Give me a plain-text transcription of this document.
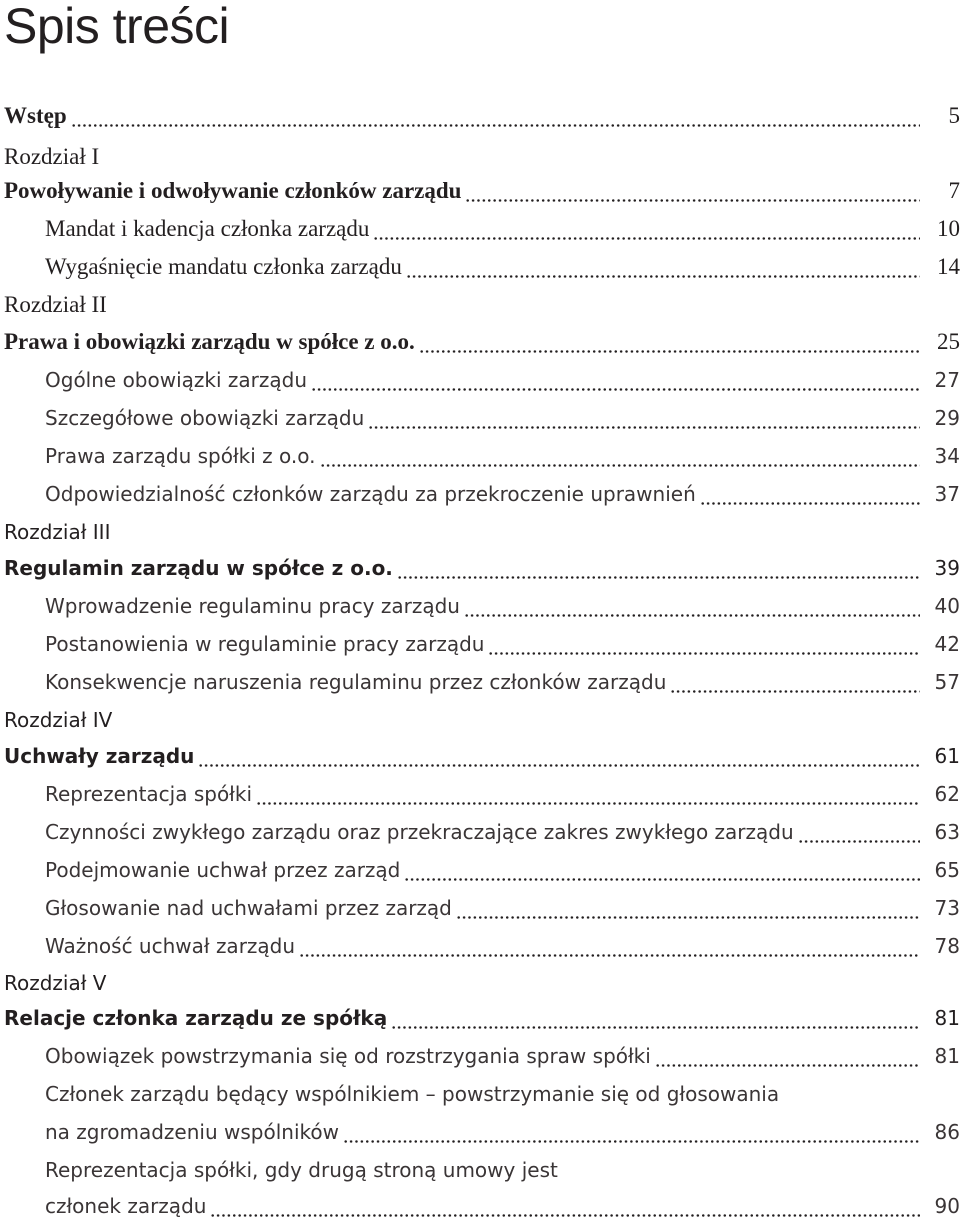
Spis treści
Wstęp	5
Rozdział I
Powoływanie i odwoływanie członków zarządu	7
Mandat i kadencja członka zarządu	10
Wygaśnięcie mandatu członka zarządu	14
Rozdział II
Prawa i obowiązki zarządu w spółce z o.o.	25
Ogólne obowiązki zarządu	27
Szczegółowe obowiązki zarządu	29
Prawa zarządu spółki z o.o.	34
Odpowiedzialność członków zarządu za przekroczenie uprawnień	37
Rozdział III
Regulamin zarządu w spółce z o.o.	39
Wprowadzenie regulaminu pracy zarządu	40
Postanowienia w regulaminie pracy zarządu	42
Konsekwencje naruszenia regulaminu przez członków zarządu	57
Rozdział IV
Uchwały zarządu	61
Reprezentacja spółki	62
Czynności zwykłego zarządu oraz przekraczające zakres zwykłego zarządu	63
Podejmowanie uchwał przez zarząd	65
Głosowanie nad uchwałami przez zarząd	73
Ważność uchwał zarządu	78
Rozdział V
Relacje członka zarządu ze spółką	81
Obowiązek powstrzymania się od rozstrzygania spraw spółki	81
Członek zarządu będący wspólnikiem – powstrzymanie się od głosowania
na zgromadzeniu wspólników	86
Reprezentacja spółki, gdy drugą stroną umowy jest
członek zarządu	90
